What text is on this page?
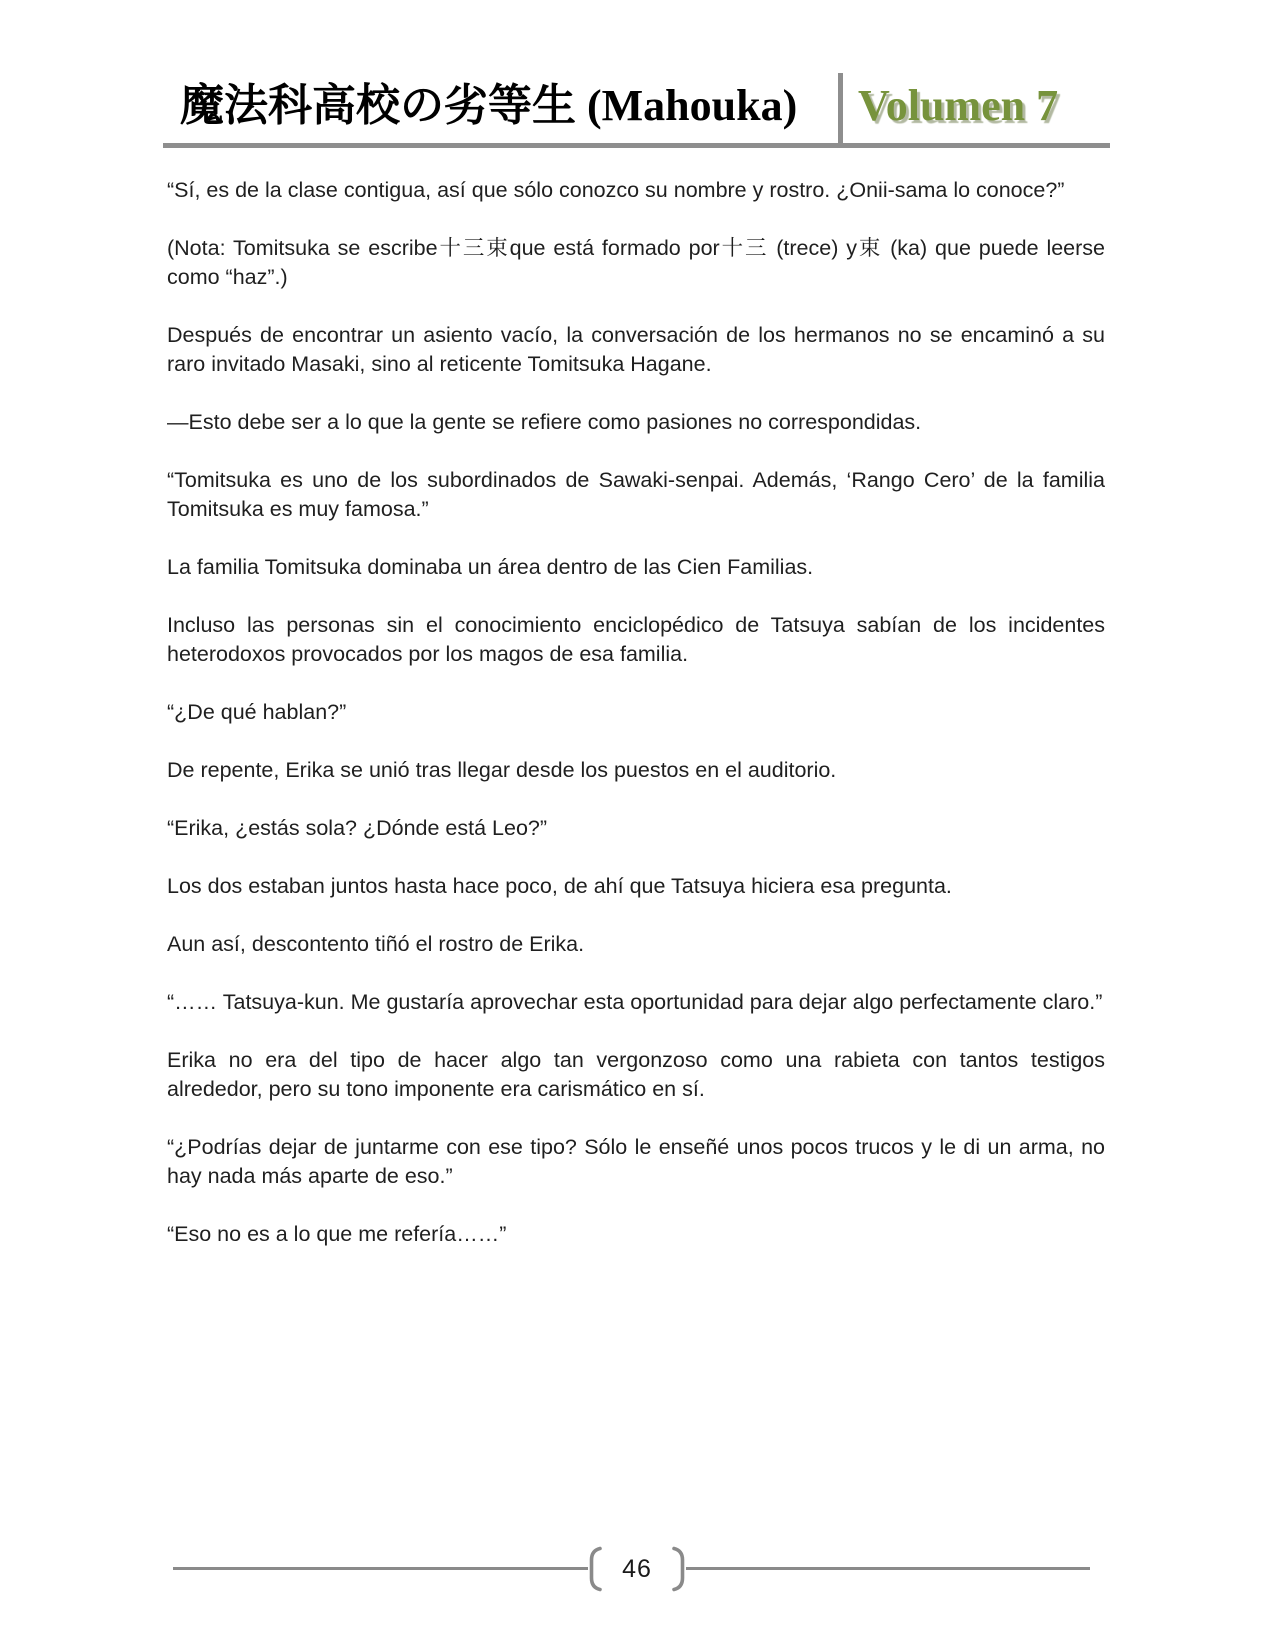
魔法科高校の劣等生 (Mahouka) Volumen 7

“Sí, es de la clase contigua, así que sólo conozco su nombre y rostro. ¿Onii-sama lo conoce?”

(Nota: Tomitsuka se escribe十三束que está formado por十三 (trece) y束 (ka) que puede leerse como “haz”.)

Después de encontrar un asiento vacío, la conversación de los hermanos no se encaminó a su raro invitado Masaki, sino al reticente Tomitsuka Hagane.

—Esto debe ser a lo que la gente se refiere como pasiones no correspondidas.

“Tomitsuka es uno de los subordinados de Sawaki-senpai. Además, ‘Rango Cero’ de la familia Tomitsuka es muy famosa.”

La familia Tomitsuka dominaba un área dentro de las Cien Familias.

Incluso las personas sin el conocimiento enciclopédico de Tatsuya sabían de los incidentes heterodoxos provocados por los magos de esa familia.

“¿De qué hablan?”

De repente, Erika se unió tras llegar desde los puestos en el auditorio.

“Erika, ¿estás sola? ¿Dónde está Leo?”

Los dos estaban juntos hasta hace poco, de ahí que Tatsuya hiciera esa pregunta.

Aun así, descontento tiñó el rostro de Erika.

“…… Tatsuya-kun. Me gustaría aprovechar esta oportunidad para dejar algo perfectamente claro.”

Erika no era del tipo de hacer algo tan vergonzoso como una rabieta con tantos testigos alrededor, pero su tono imponente era carismático en sí.

“¿Podrías dejar de juntarme con ese tipo? Sólo le enseñé unos pocos trucos y le di un arma, no hay nada más aparte de eso.”

“Eso no es a lo que me refería……”

46
